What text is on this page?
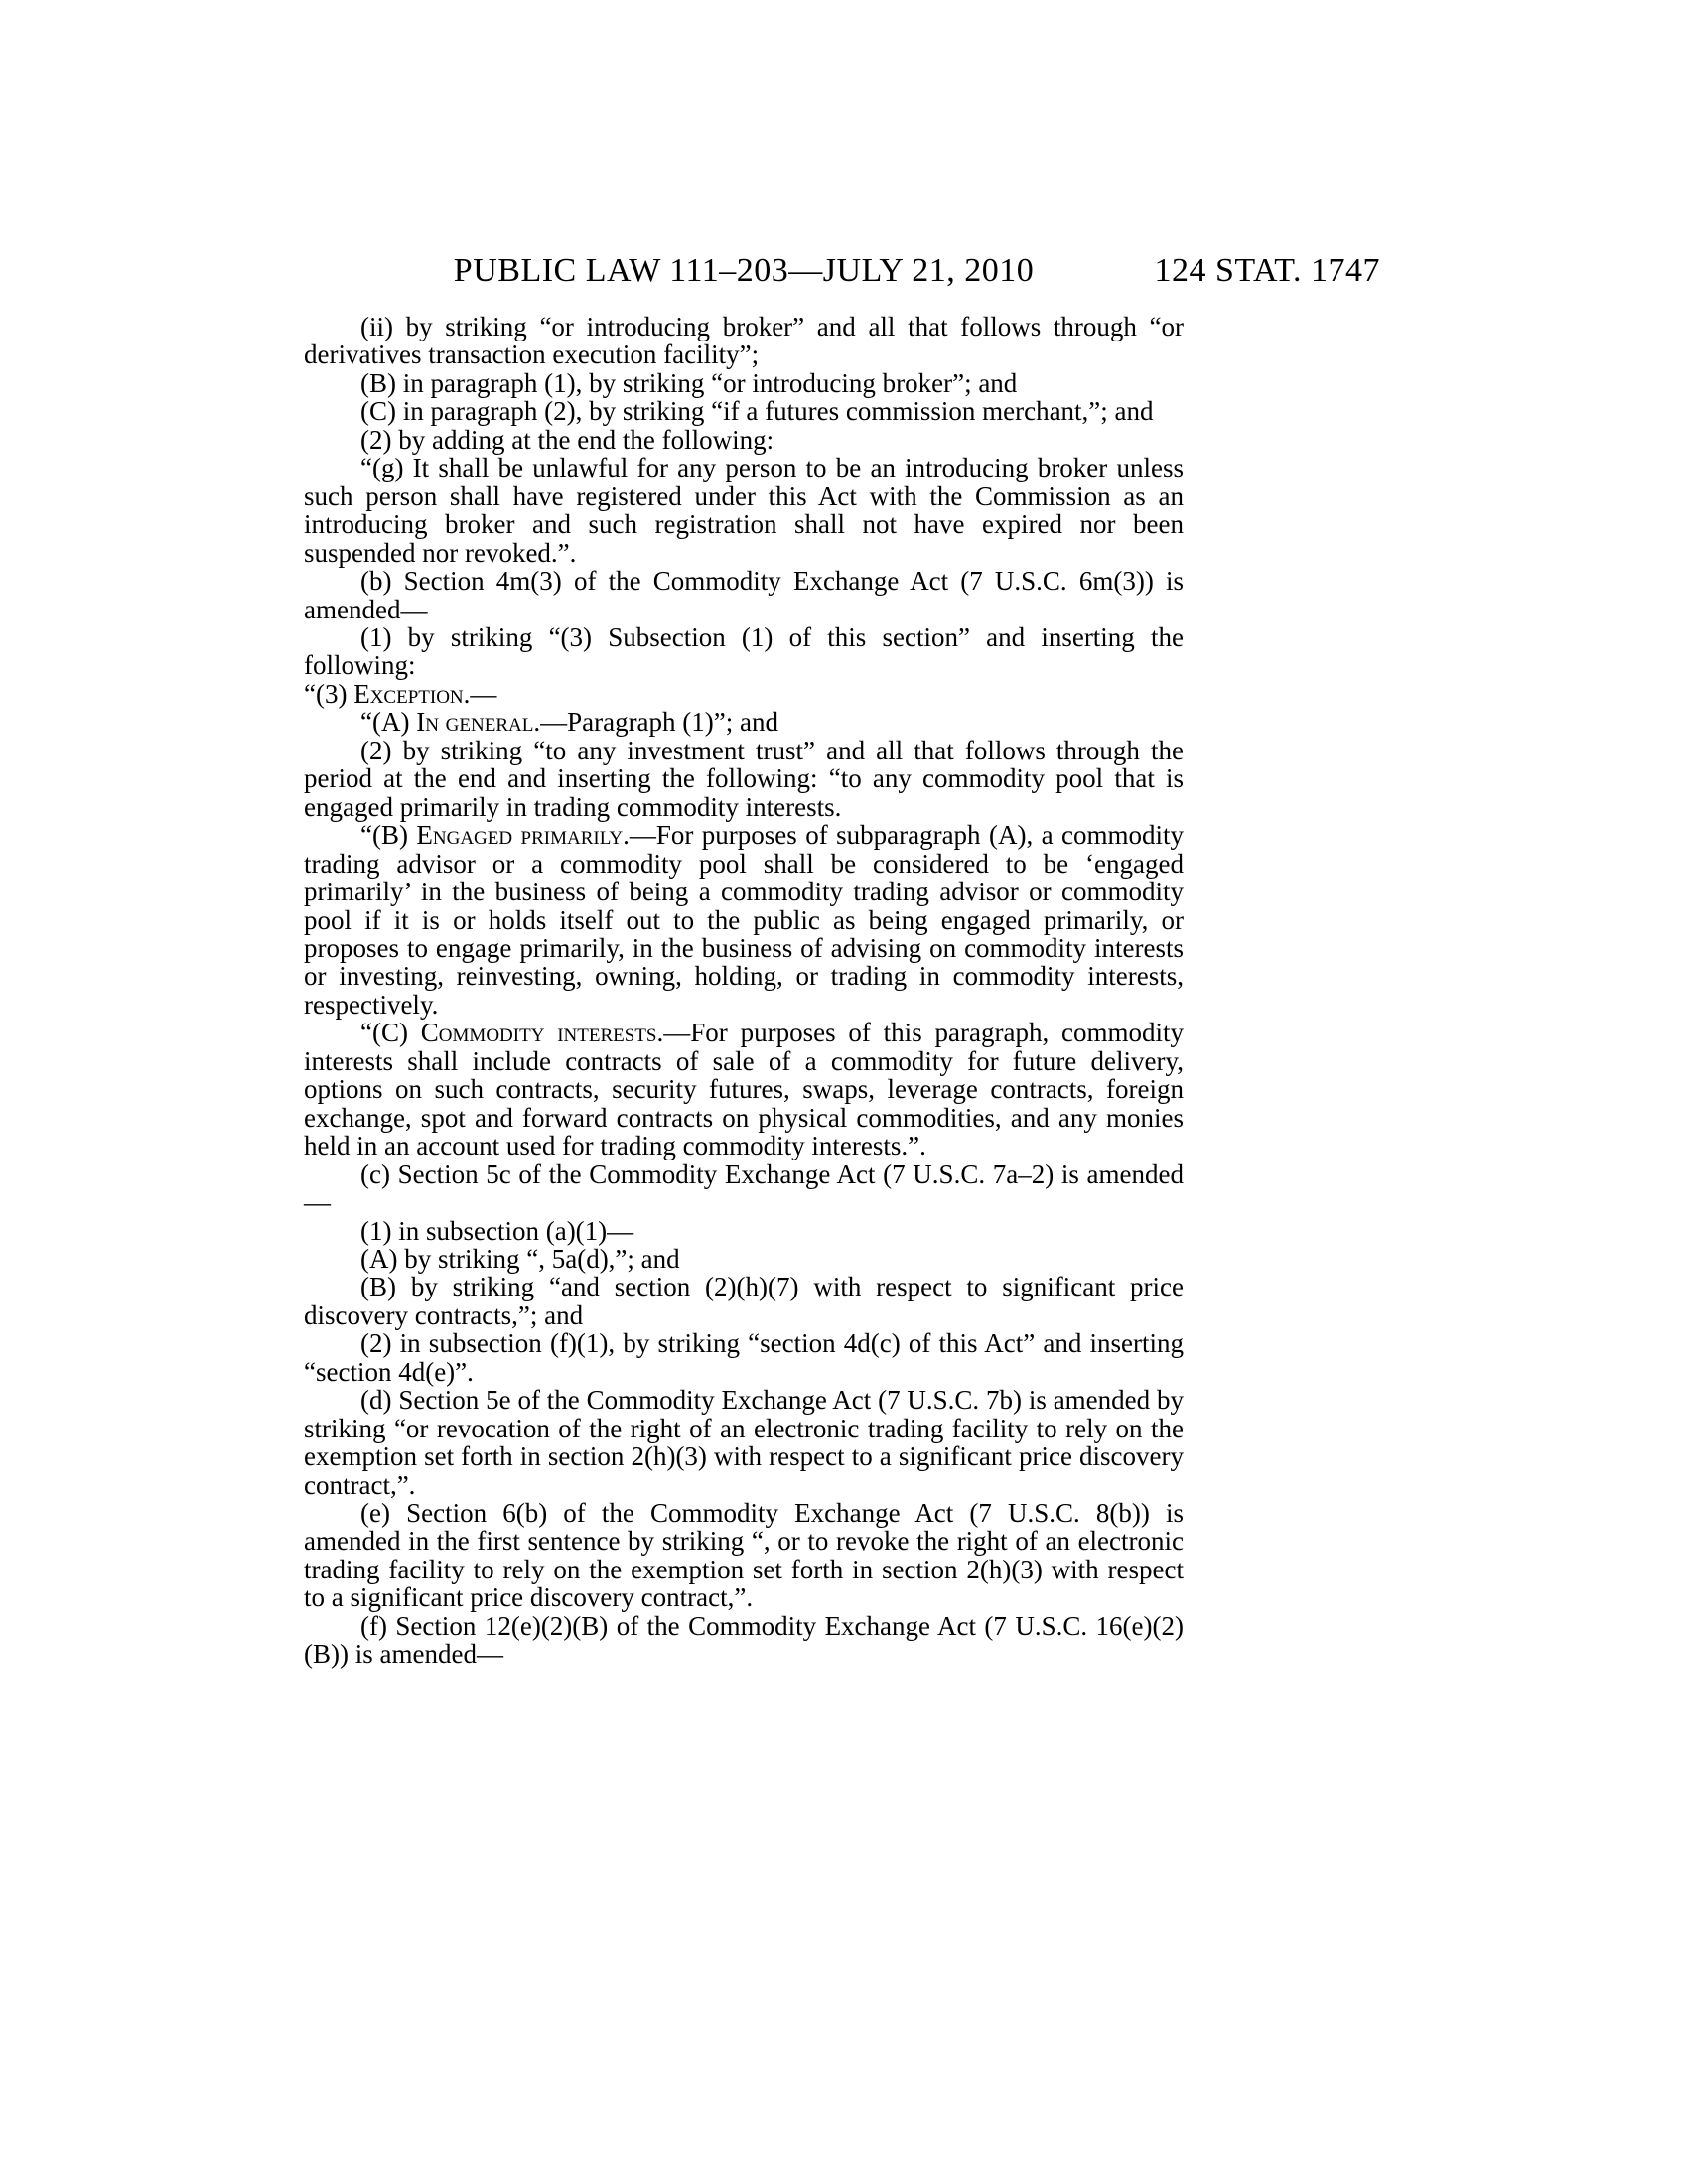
PUBLIC LAW 111–203—JULY 21, 2010	124 STAT. 1747

(ii) by striking “or introducing broker” and all that follows through “or derivatives transaction execution facility”;

(B) in paragraph (1), by striking “or introducing broker”; and

(C) in paragraph (2), by striking “if a futures commission merchant,”; and

(2) by adding at the end the following:

“(g) It shall be unlawful for any person to be an introducing broker unless such person shall have registered under this Act with the Commission as an introducing broker and such registration shall not have expired nor been suspended nor revoked.”.

(b) Section 4m(3) of the Commodity Exchange Act (7 U.S.C. 6m(3)) is amended—

(1) by striking “(3) Subsection (1) of this section” and inserting the following:

“(3) Exception.—

“(A) In general.—Paragraph (1)”; and

(2) by striking “to any investment trust” and all that follows through the period at the end and inserting the following: “to any commodity pool that is engaged primarily in trading commodity interests.

“(B) Engaged primarily.—For purposes of subparagraph (A), a commodity trading advisor or a commodity pool shall be considered to be ‘engaged primarily’ in the business of being a commodity trading advisor or commodity pool if it is or holds itself out to the public as being engaged primarily, or proposes to engage primarily, in the business of advising on commodity interests or investing, reinvesting, owning, holding, or trading in commodity interests, respectively.

“(C) Commodity interests.—For purposes of this paragraph, commodity interests shall include contracts of sale of a commodity for future delivery, options on such contracts, security futures, swaps, leverage contracts, foreign exchange, spot and forward contracts on physical commodities, and any monies held in an account used for trading commodity interests.”.

(c) Section 5c of the Commodity Exchange Act (7 U.S.C. 7a–2) is amended—

(1) in subsection (a)(1)—

(A) by striking “, 5a(d),”; and

(B) by striking “and section (2)(h)(7) with respect to significant price discovery contracts,”; and

(2) in subsection (f)(1), by striking “section 4d(c) of this Act” and inserting “section 4d(e)”.

(d) Section 5e of the Commodity Exchange Act (7 U.S.C. 7b) is amended by striking “or revocation of the right of an electronic trading facility to rely on the exemption set forth in section 2(h)(3) with respect to a significant price discovery contract,”.

(e) Section 6(b) of the Commodity Exchange Act (7 U.S.C. 8(b)) is amended in the first sentence by striking “, or to revoke the right of an electronic trading facility to rely on the exemption set forth in section 2(h)(3) with respect to a significant price discovery contract,”.

(f) Section 12(e)(2)(B) of the Commodity Exchange Act (7 U.S.C. 16(e)(2)(B)) is amended—
